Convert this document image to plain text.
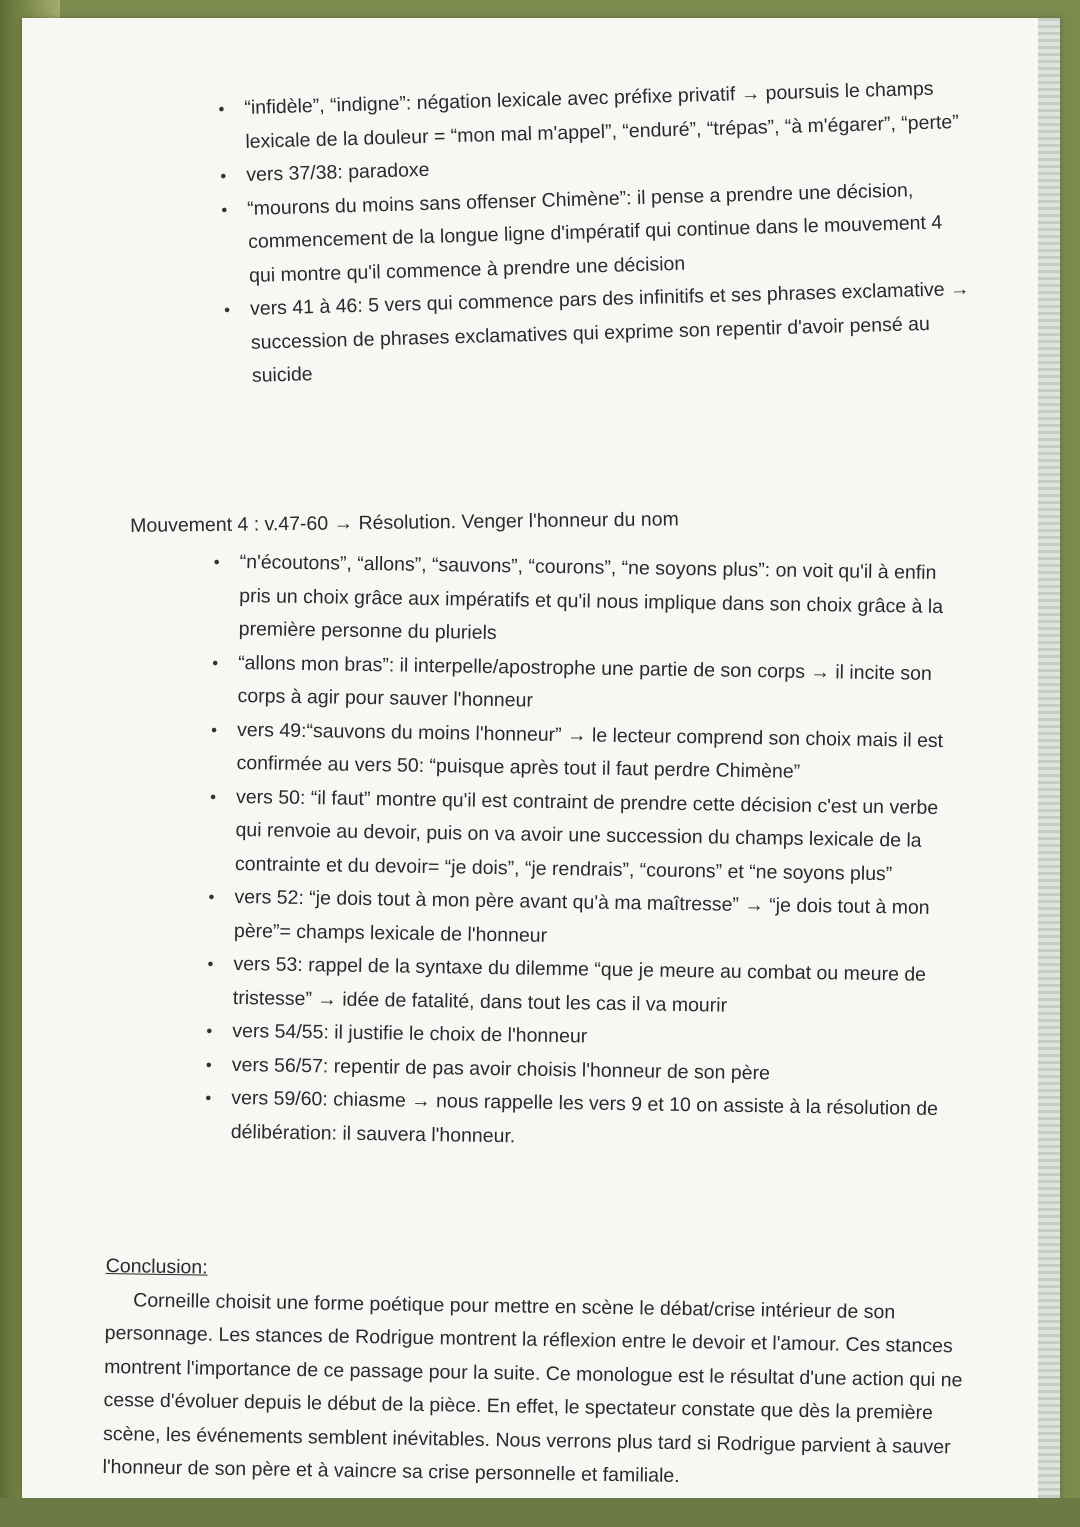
• “infidèle”, “indigne”: négation lexicale avec préfixe privatif → poursuis le champs lexicale de la douleur = “mon mal m'appel”, “enduré”, “trépas”, “à m'égarer”, “perte”
• vers 37/38: paradoxe
• “mourons du moins sans offenser Chimène”: il pense a prendre une décision, commencement de la longue ligne d'impératif qui continue dans le mouvement 4 qui montre qu'il commence à prendre une décision
• vers 41 à 46: 5 vers qui commence pars des infinitifs et ses phrases exclamative → succession de phrases exclamatives qui exprime son repentir d'avoir pensé au suicide
Mouvement 4 : v.47-60 → Résolution. Venger l'honneur du nom
• “n'écoutons”, “allons”, “sauvons”, “courons”, “ne soyons plus”: on voit qu'il à enfin pris un choix grâce aux impératifs et qu'il nous implique dans son choix grâce à la première personne du pluriels
• “allons mon bras”: il interpelle/apostrophe une partie de son corps → il incite son corps à agir pour sauver l'honneur
• vers 49:“sauvons du moins l'honneur” → le lecteur comprend son choix mais il est confirmée au vers 50: “puisque après tout il faut perdre Chimène”
• vers 50: “il faut” montre qu'il est contraint de prendre cette décision c'est un verbe qui renvoie au devoir, puis on va avoir une succession du champs lexicale de la contrainte et du devoir= “je dois”, “je rendrais”, “courons” et “ne soyons plus”
• vers 52: “je dois tout à mon père avant qu'à ma maîtresse” → “je dois tout à mon père”= champs lexicale de l'honneur
• vers 53: rappel de la syntaxe du dilemme “que je meure au combat ou meure de tristesse” → idée de fatalité, dans tout les cas il va mourir
• vers 54/55: il justifie le choix de l'honneur
• vers 56/57: repentir de pas avoir choisis l'honneur de son père
• vers 59/60: chiasme → nous rappelle les vers 9 et 10 on assiste à la résolution de délibération: il sauvera l'honneur.
Conclusion:

Corneille choisit une forme poétique pour mettre en scène le débat/crise intérieur de son personnage. Les stances de Rodrigue montrent la réflexion entre le devoir et l'amour. Ces stances montrent l'importance de ce passage pour la suite. Ce monologue est le résultat d'une action qui ne cesse d'évoluer depuis le début de la pièce. En effet, le spectateur constate que dès la première scène, les événements semblent inévitables. Nous verrons plus tard si Rodrigue parvient à sauver l'honneur de son père et à vaincre sa crise personnelle et familiale.
